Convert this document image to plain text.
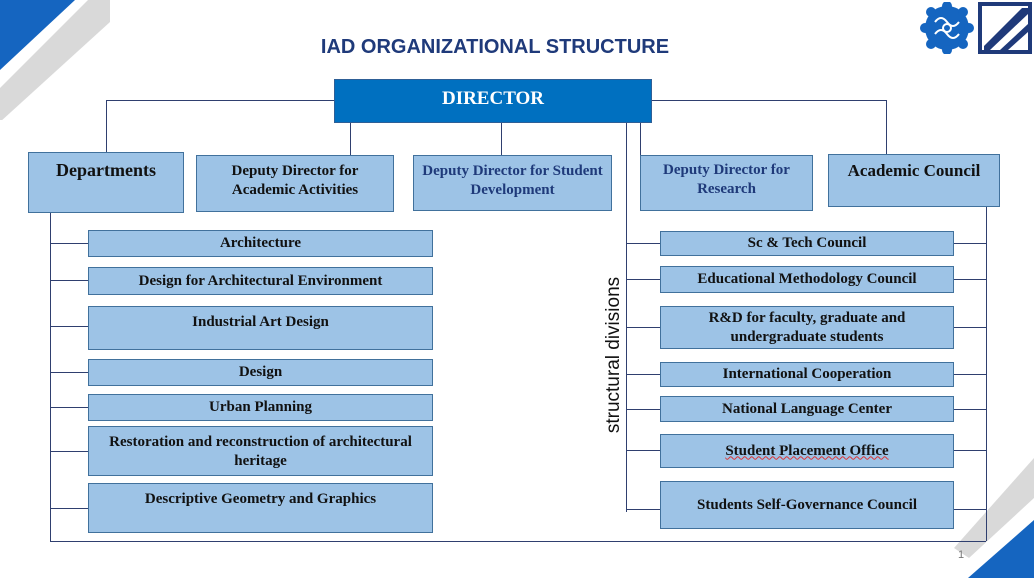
IAD ORGANIZATIONAL STRUCTURE
DIRECTOR
Departments	Deputy Director for Academic Activities
Deputy Director for Student Development
Deputy Director for Research
Academic Council
Architecture
Design for Architectural Environment
Industrial Art Design
Design
Urban Planning
Restoration and reconstruction of architectural heritage
Descriptive Geometry and Graphics
structural divisions
Sc & Tech Council
Educational Methodology Council
R&D for faculty, graduate and undergraduate students
International Cooperation
National Language Center
Student Placement Office
Students Self-Governance Council
1
